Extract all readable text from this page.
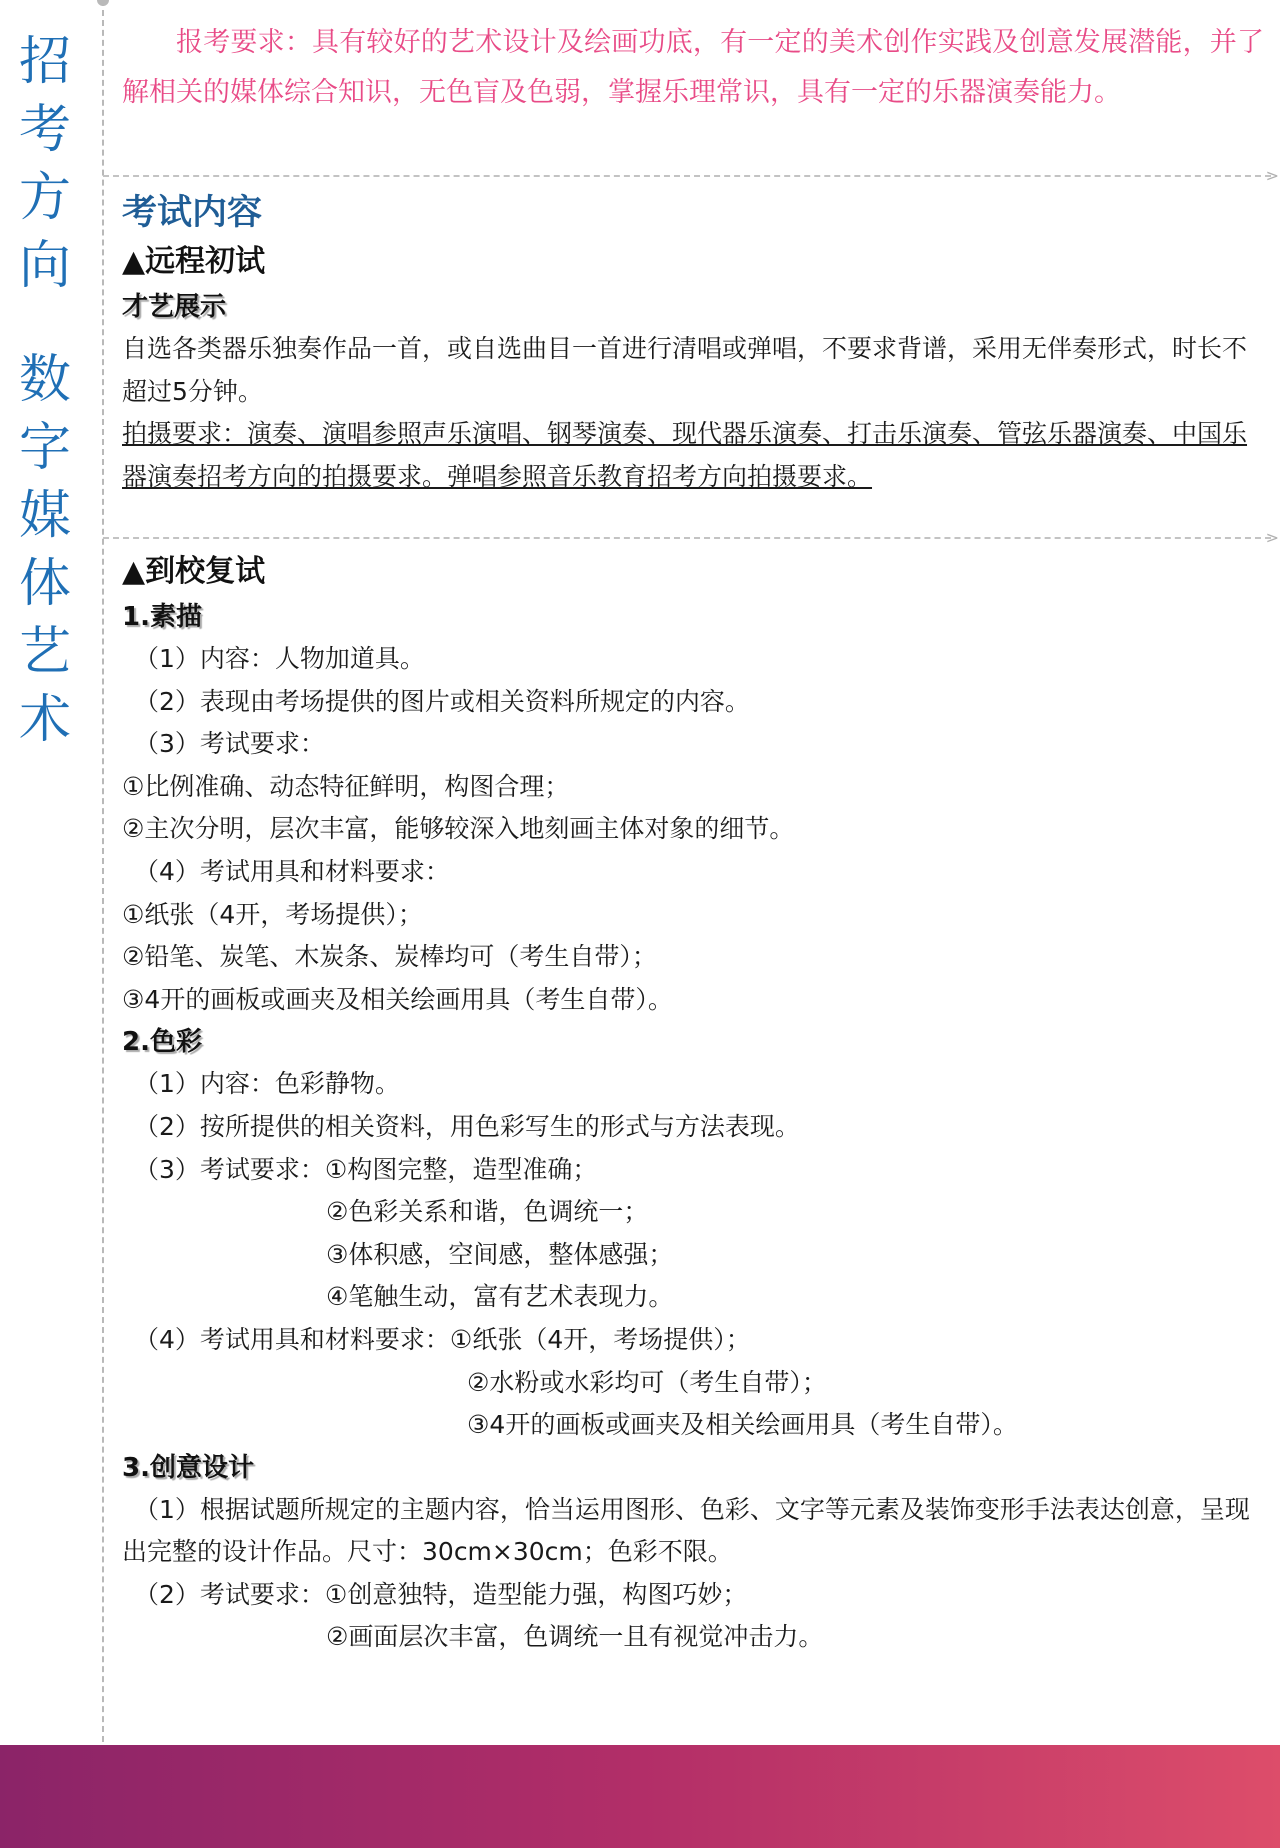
招
考
方
向
数
字
媒
体
艺
术
>
>

报考要求：具有较好的艺术设计及绘画功底，有一定的美术创作实践及创意发展潜能，并了解相关的媒体综合知识，无色盲及色弱，掌握乐理常识，具有一定的乐器演奏能力。

考试内容
▲远程初试
才艺展示

自选各类器乐独奏作品一首，或自选曲目一首进行清唱或弹唱，不要求背谱，采用无伴奏形式，时长不超过5分钟。

拍摄要求：演奏、演唱参照声乐演唱、钢琴演奏、现代器乐演奏、打击乐演奏、管弦乐器演奏、中国乐器演奏招考方向的拍摄要求。弹唱参照音乐教育招考方向拍摄要求。

▲到校复试
1.素描

（1）内容：人物加道具。

（2）表现由考场提供的图片或相关资料所规定的内容。

（3）考试要求：

①比例准确、动态特征鲜明，构图合理；

②主次分明，层次丰富，能够较深入地刻画主体对象的细节。

（4）考试用具和材料要求：

①纸张（4开，考场提供）；

②铅笔、炭笔、木炭条、炭棒均可（考生自带）；

③4开的画板或画夹及相关绘画用具（考生自带）。

2.色彩

（1）内容：色彩静物。

（2）按所提供的相关资料，用色彩写生的形式与方法表现。

（3）考试要求：①构图完整，造型准确；

②色彩关系和谐，色调统一；

③体积感，空间感，整体感强；

④笔触生动，富有艺术表现力。

（4）考试用具和材料要求：①纸张（4开，考场提供）；

②水粉或水彩均可（考生自带）；

③4开的画板或画夹及相关绘画用具（考生自带）。

3.创意设计

（1）根据试题所规定的主题内容，恰当运用图形、色彩、文字等元素及装饰变形手法表达创意，呈现出完整的设计作品。尺寸：30cm×30cm；色彩不限。

（2）考试要求：①创意独特，造型能力强，构图巧妙；

②画面层次丰富，色调统一且有视觉冲击力。
